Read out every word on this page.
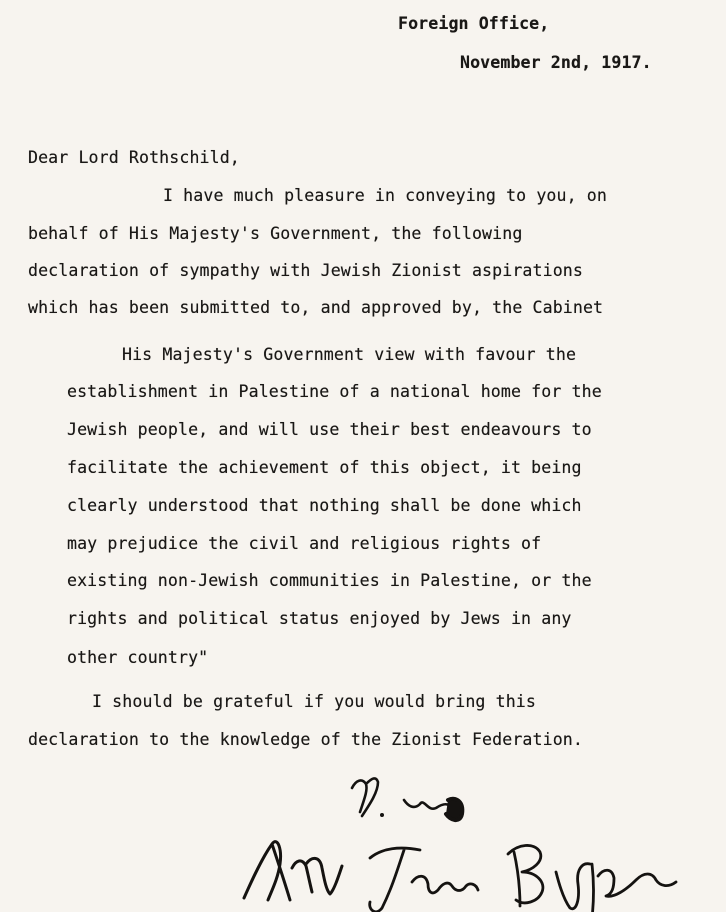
Foreign Office,
November 2nd, 1917.
Dear Lord Rothschild,
I have much pleasure in conveying to you, on
behalf of His Majesty's Government, the following
declaration of sympathy with Jewish Zionist aspirations
which has been submitted to, and approved by, the Cabinet
His Majesty's Government view with favour the
establishment in Palestine of a national home for the
Jewish people, and will use their best endeavours to
facilitate the achievement of this object, it being
clearly understood that nothing shall be done which
may prejudice the civil and religious rights of
existing non-Jewish communities in Palestine, or the
rights and political status enjoyed by Jews in any
other country"
I should be grateful if you would bring this
declaration to the knowledge of the Zionist Federation.
